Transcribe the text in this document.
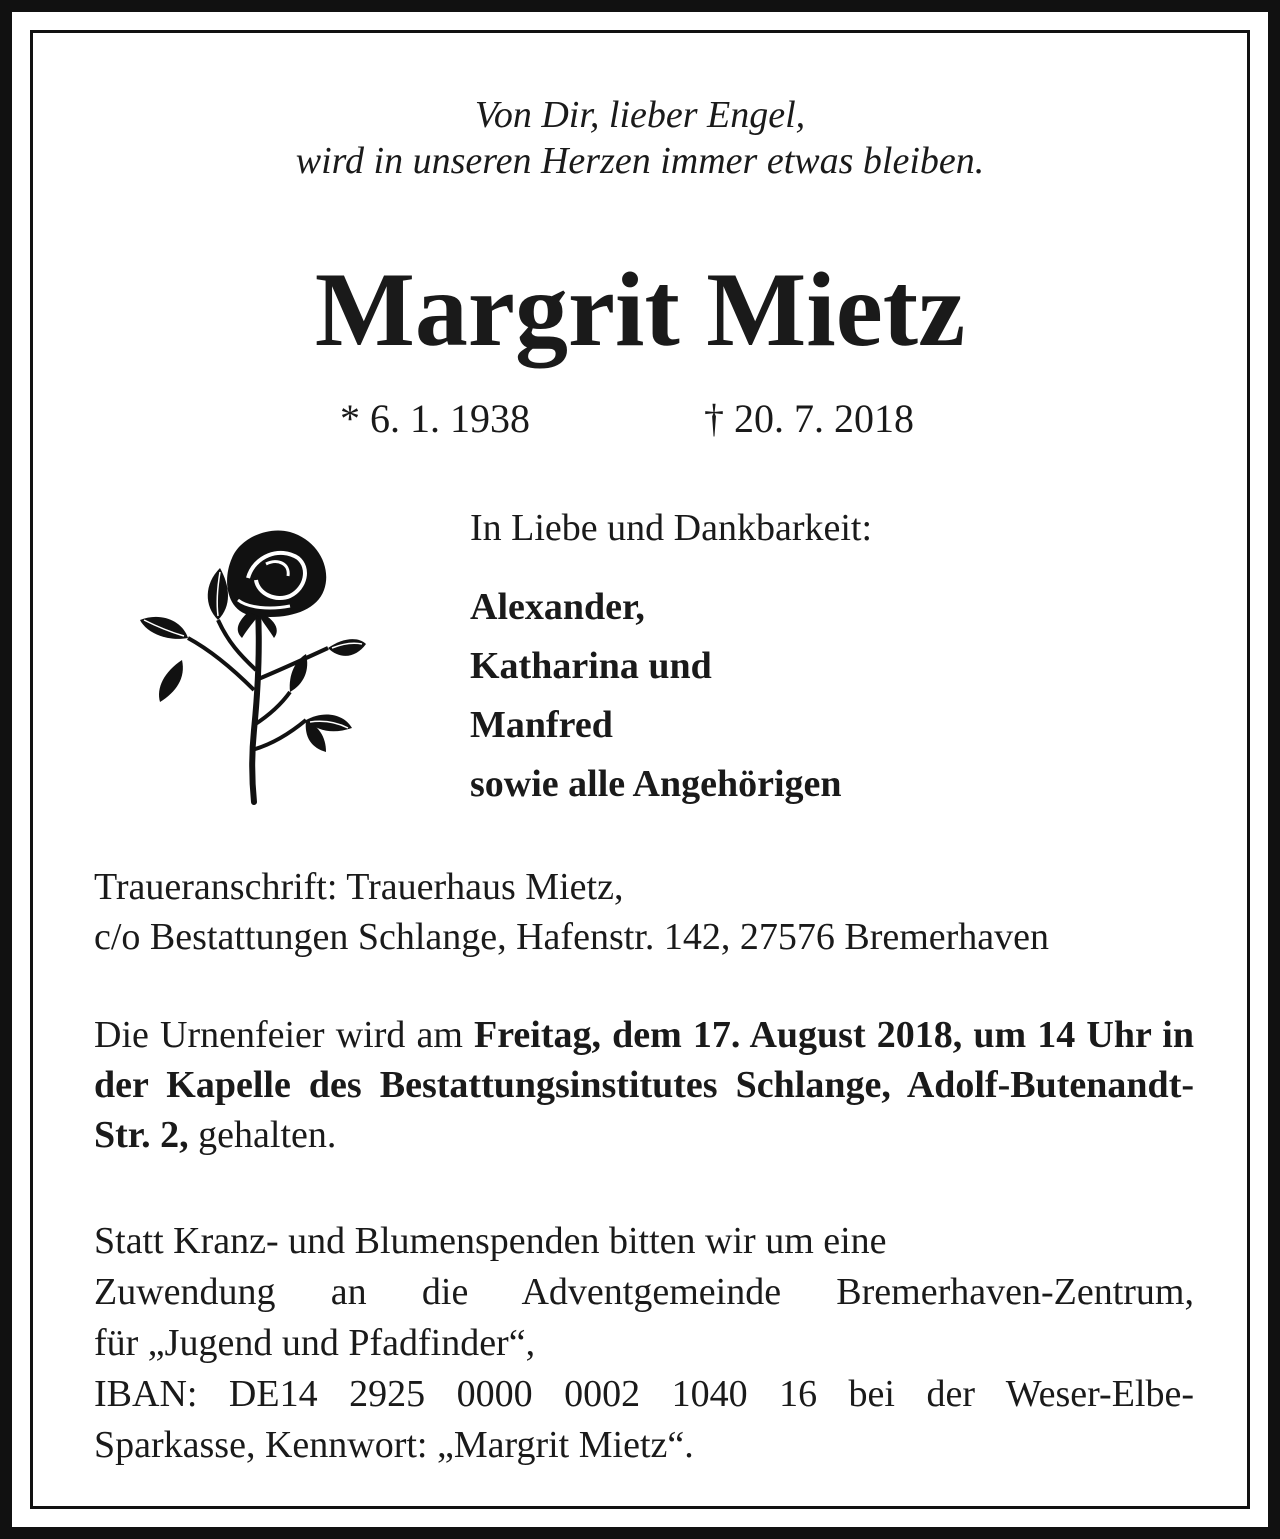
Von Dir, lieber Engel,
wird in unseren Herzen immer etwas bleiben.
Margrit Mietz
* 6. 1. 1938	† 20. 7. 2018
In Liebe und Dankbarkeit:
Alexander,
Katharina und
Manfred
sowie alle Angehörigen
Traueranschrift: Trauerhaus Mietz,
c/o Bestattungen Schlange, Hafenstr. 142, 27576 Bremerhaven
Die Urnenfeier wird am Freitag, dem 17. August 2018, um 14 Uhr in der Kapelle des Bestattungsinstitutes Schlange, Adolf-Butenandt-Str. 2, gehalten.
Statt Kranz- und Blumenspenden bitten wir um eine
Zuwendung an die Adventgemeinde Bremerhaven-Zentrum,
für „Jugend und Pfadfinder“,
IBAN: DE14 2925 0000 0002 1040 16 bei der Weser-Elbe-
Sparkasse, Kennwort: „Margrit Mietz“.
